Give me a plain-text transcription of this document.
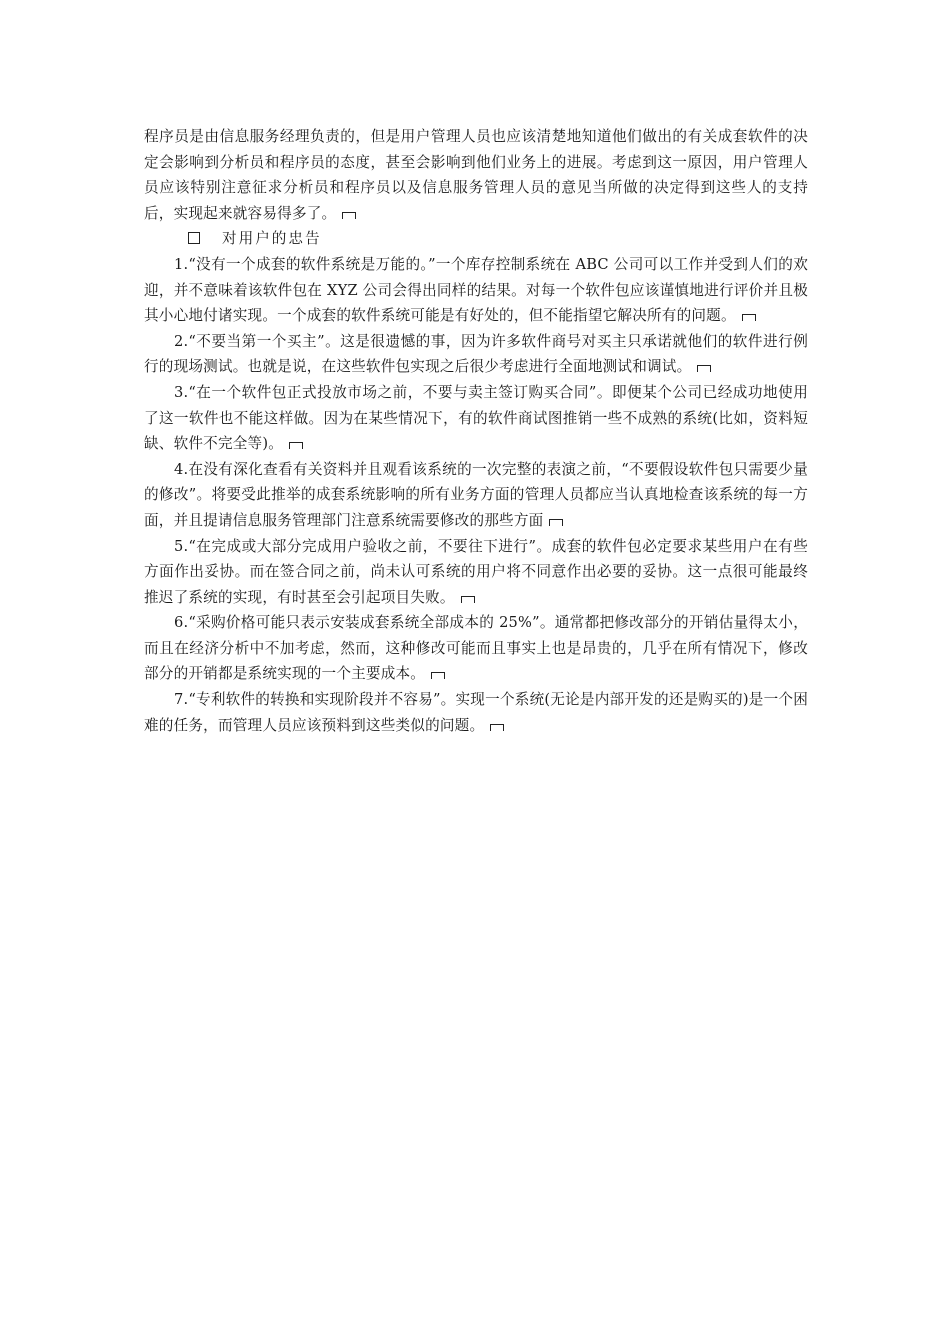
程序员是由信息服务经理负责的，但是用户管理人员也应该清楚地知道他们做出的有关成套软件的决定会影响到分析员和程序员的态度，甚至会影响到他们业务上的进展。考虑到这一原因，用户管理人员应该特别注意征求分析员和程序员以及信息服务管理人员的意见当所做的决定得到这些人的支持后，实现起来就容易得多了。

对用户的忠告

1.“没有一个成套的软件系统是万能的。”一个库存控制系统在 ABC 公司可以工作并受到人们的欢迎，并不意味着该软件包在 XYZ 公司会得出同样的结果。对每一个软件包应该谨慎地进行评价并且极其小心地付诸实现。一个成套的软件系统可能是有好处的，但不能指望它解决所有的问题。

2.“不要当第一个买主”。这是很遗憾的事，因为许多软件商号对买主只承诺就他们的软件进行例行的现场测试。也就是说，在这些软件包实现之后很少考虑进行全面地测试和调试。

3.“在一个软件包正式投放市场之前，不要与卖主签订购买合同”。即便某个公司已经成功地使用了这一软件也不能这样做。因为在某些情况下，有的软件商试图推销一些不成熟的系统(比如，资料短缺、软件不完全等)。

4.在没有深化查看有关资料并且观看该系统的一次完整的表演之前，“不要假设软件包只需要少量的修改”。将要受此推举的成套系统影响的所有业务方面的管理人员都应当认真地检查该系统的每一方面，并且提请信息服务管理部门注意系统需要修改的那些方面

5.“在完成或大部分完成用户验收之前，不要往下进行”。成套的软件包必定要求某些用户在有些方面作出妥协。而在签合同之前，尚未认可系统的用户将不同意作出必要的妥协。这一点很可能最终推迟了系统的实现，有时甚至会引起项目失败。

6.“采购价格可能只表示安装成套系统全部成本的 25%”。通常都把修改部分的开销估量得太小，而且在经济分析中不加考虑，然而，这种修改可能而且事实上也是昂贵的，几乎在所有情况下，修改部分的开销都是系统实现的一个主要成本。

7.“专利软件的转换和实现阶段并不容易”。实现一个系统(无论是内部开发的还是购买的)是一个困难的任务，而管理人员应该预料到这些类似的问题。
